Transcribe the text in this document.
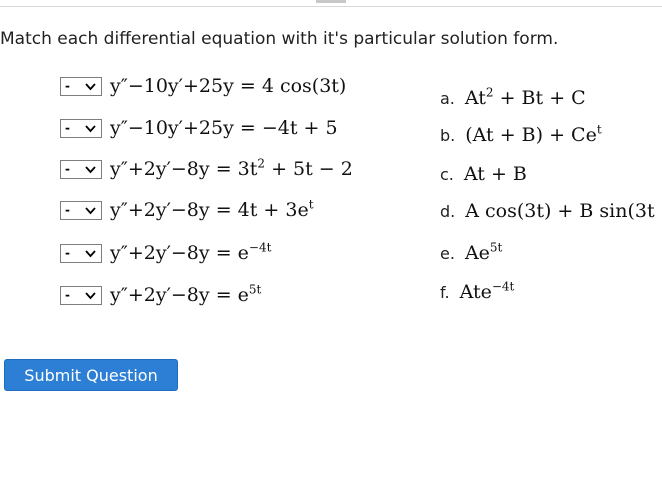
Match each differential equation with it's particular solution form.
- y″−10y′+25y = 4 cos(3t)
- y″−10y′+25y = −4t + 5
- $y''+2y'-8y = 3t^2 + 5t - 2$
- $y''+2y'-8y = 4t + 3e^t$
- $y''+2y'-8y = e^{-4t}$
- $y''+2y'-8y = e^{5t}$
a. $At^2 + Bt + C$
b. $(At + B) + Ce^t$
c. At + B
d. A cos(3t) + B sin(3t
e. $Ae^{5t}$
f. Ate$^{-4t}$
Submit Question
